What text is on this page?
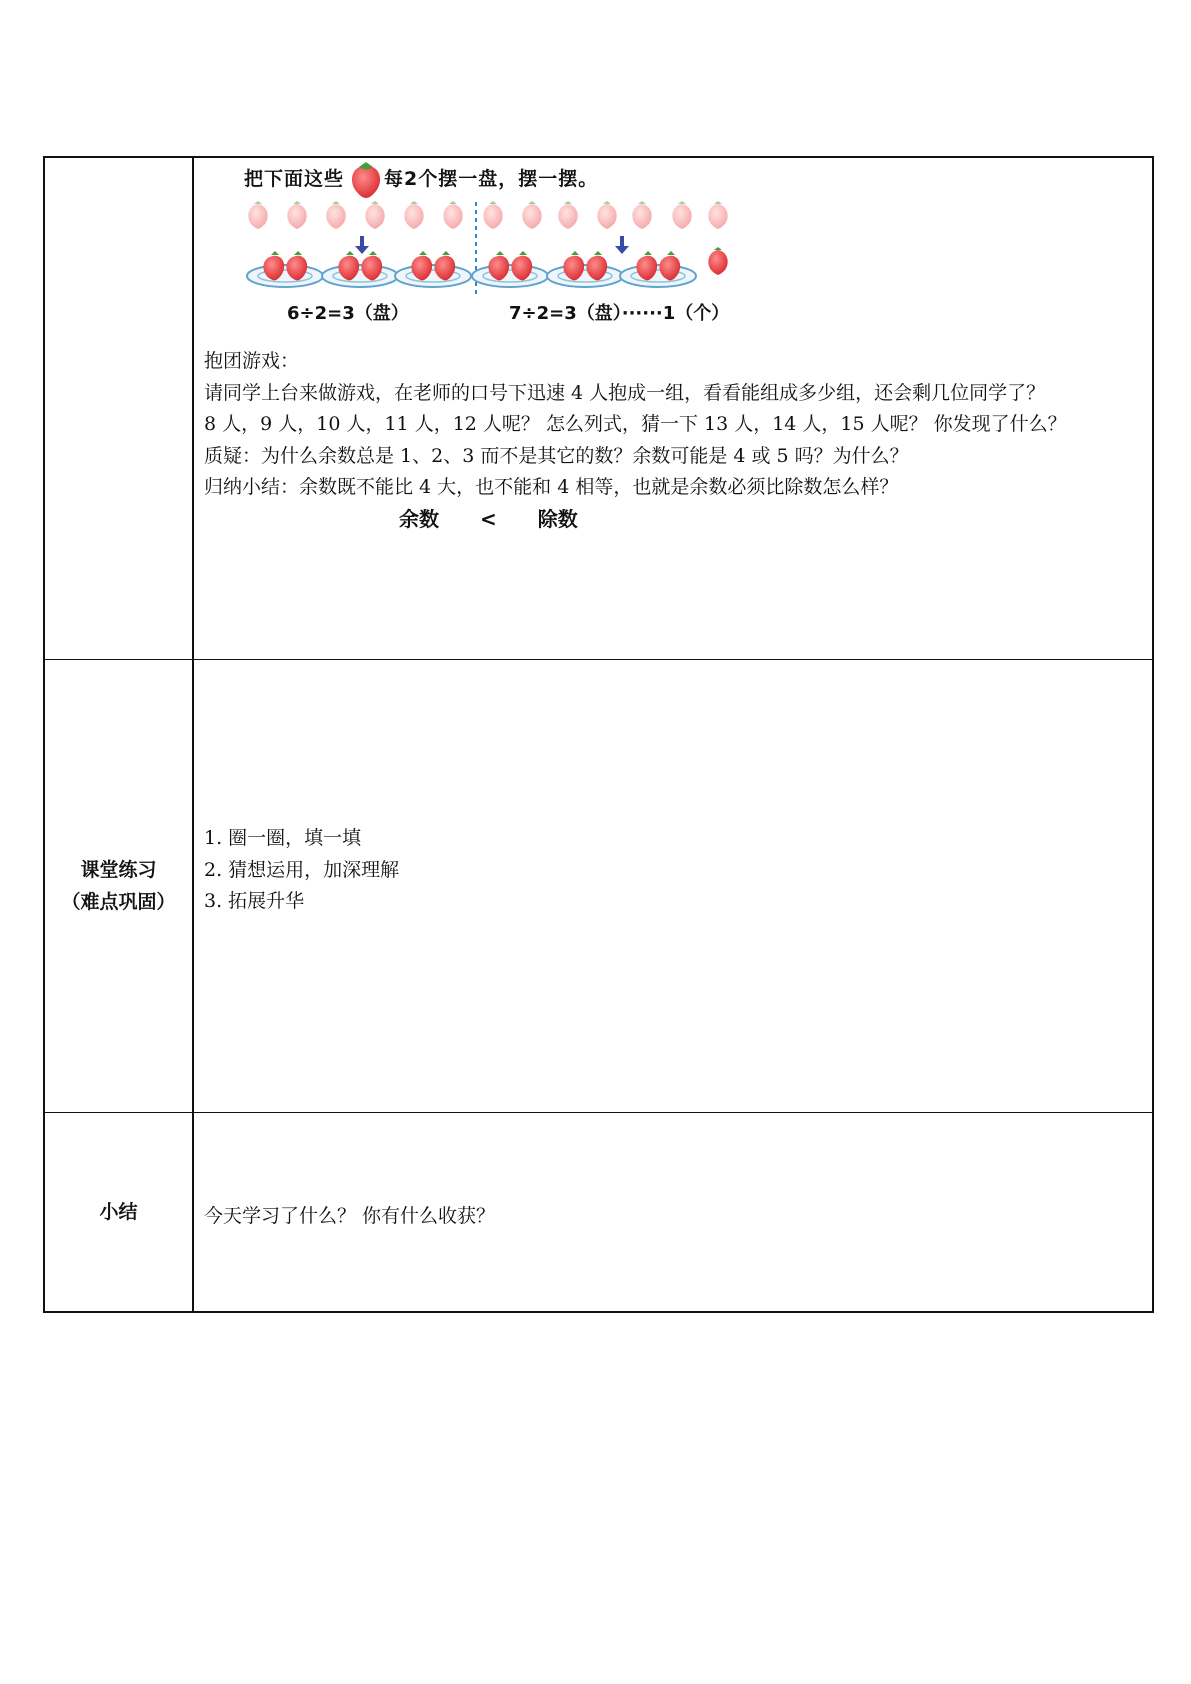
把下面这些 每2个摆一盘，摆一摆。
6÷2=3（盘）	7÷2=3（盘）······1（个）

抱团游戏：

请同学上台来做游戏，在老师的口号下迅速 4 人抱成一组，看看能组成多少组，还会剩几位同学了？

8 人，9 人，10 人，11 人，12 人呢？ 怎么列式，猜一下 13 人，14 人，15 人呢？ 你发现了什么？

质疑：为什么余数总是 1、2、3 而不是其它的数？余数可能是 4 或 5 吗？为什么？

归纳小结：余数既不能比 4 大，也不能和 4 相等，也就是余数必须比除数怎么样？

余数 < 除数
课堂练习
（难点巩固）

1. 圈一圈，填一填

2. 猜想运用，加深理解

3. 拓展升华

小结	今天学习了什么？ 你有什么收获？
